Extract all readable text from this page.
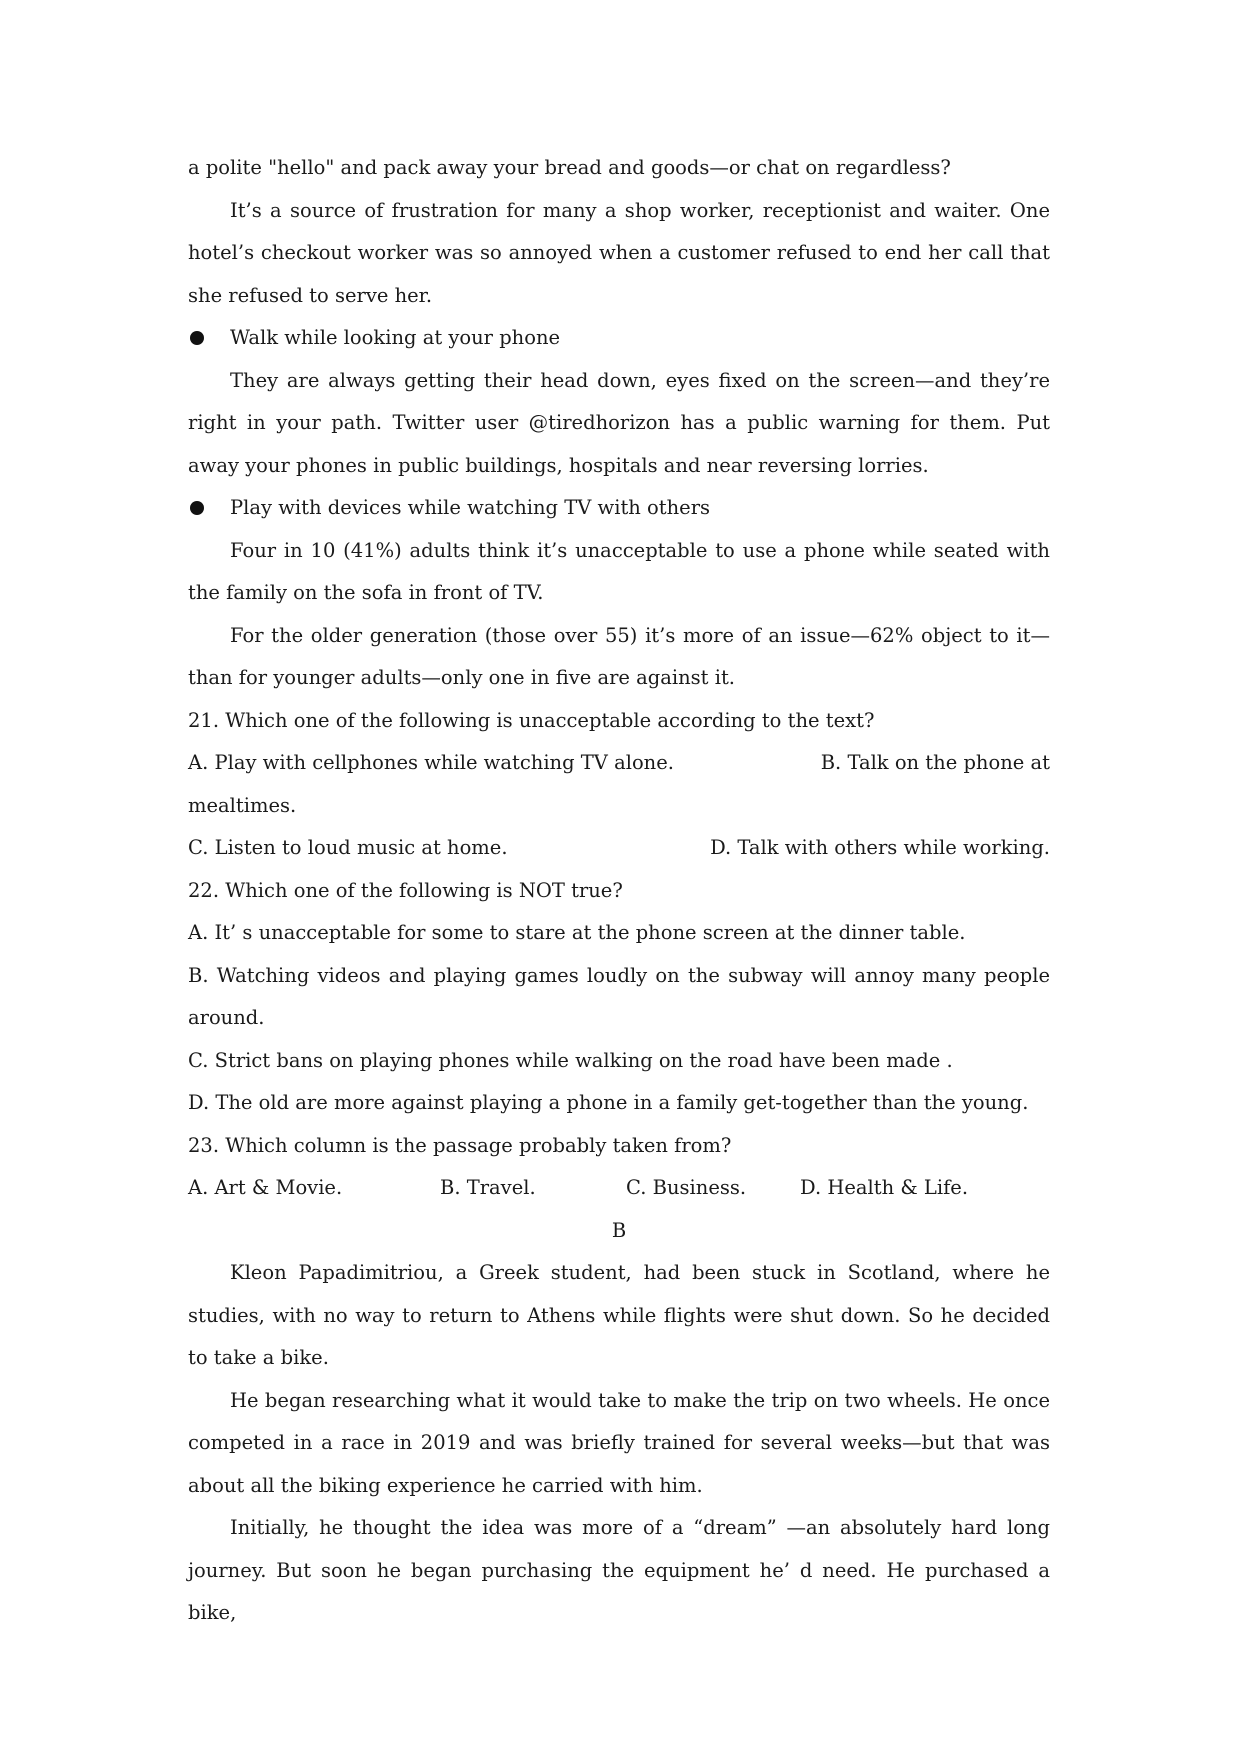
a polite "hello" and pack away your bread and goods—or chat on regardless?
It’s a source of frustration for many a shop worker, receptionist and waiter. One hotel’s checkout worker was so annoyed when a customer refused to end her call that she refused to serve her.
Walk while looking at your phone
They are always getting their head down, eyes fixed on the screen—and they’re right in your path. Twitter user @tiredhorizon has a public warning for them. Put away your phones in public buildings, hospitals and near reversing lorries.
Play with devices while watching TV with others
Four in 10 (41%) adults think it’s unacceptable to use a phone while seated with the family on the sofa in front of TV.
For the older generation (those over 55) it’s more of an issue—62% object to it—than for younger adults—only one in five are against it.
21. Which one of the following is unacceptable according to the text?
A. Play with cellphones while watching TV alone.	B. Talk on the phone at
mealtimes.
C. Listen to loud music at home.	D. Talk with others while working.
22. Which one of the following is NOT true?
A. It’ s unacceptable for some to stare at the phone screen at the dinner table.
B. Watching videos and playing games loudly on the subway will annoy many people around.
C. Strict bans on playing phones while walking on the road have been made .
D. The old are more against playing a phone in a family get-together than the young.
23. Which column is the passage probably taken from?
A. Art & Movie.	B. Travel.	C. Business.	D. Health & Life.
B
Kleon Papadimitriou, a Greek student, had been stuck in Scotland, where he studies, with no way to return to Athens while flights were shut down. So he decided to take a bike.
He began researching what it would take to make the trip on two wheels. He once competed in a race in 2019 and was briefly trained for several weeks—but that was about all the biking experience he carried with him.
Initially, he thought the idea was more of a “dream” —an absolutely hard long journey. But soon he began purchasing the equipment he’ d need. He purchased a bike,
